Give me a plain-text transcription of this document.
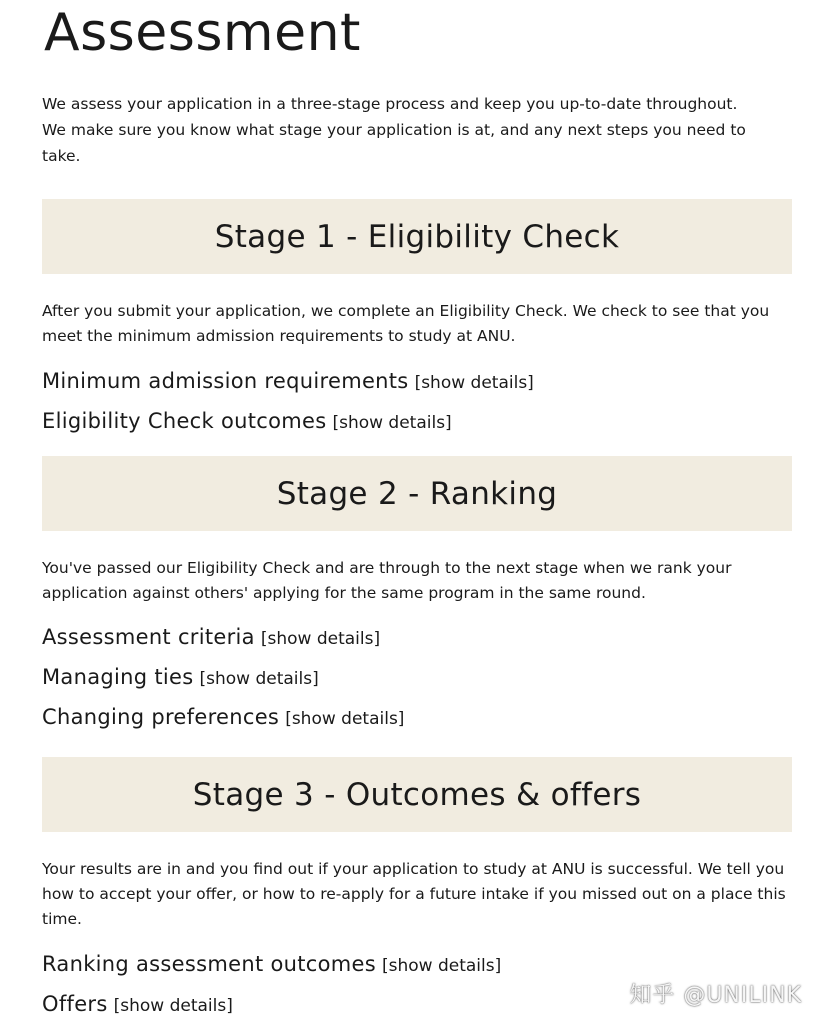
Assessment

We assess your application in a three-stage process and keep you up-to-date throughout. We make sure you know what stage your application is at, and any next steps you need to take.

Stage 1 - Eligibility Check

After you submit your application, we complete an Eligibility Check. We check to see that you meet the minimum admission requirements to study at ANU.

Minimum admission requirements [show details]
Eligibility Check outcomes [show details]
Stage 2 - Ranking

You've passed our Eligibility Check and are through to the next stage when we rank your application against others' applying for the same program in the same round.

Assessment criteria [show details]
Managing ties [show details]
Changing preferences [show details]
Stage 3 - Outcomes & offers

Your results are in and you find out if your application to study at ANU is successful. We tell you how to accept your offer, or how to re-apply for a future intake if you missed out on a place this time.

Ranking assessment outcomes [show details]
Offers [show details]	知乎 @UNILINK
